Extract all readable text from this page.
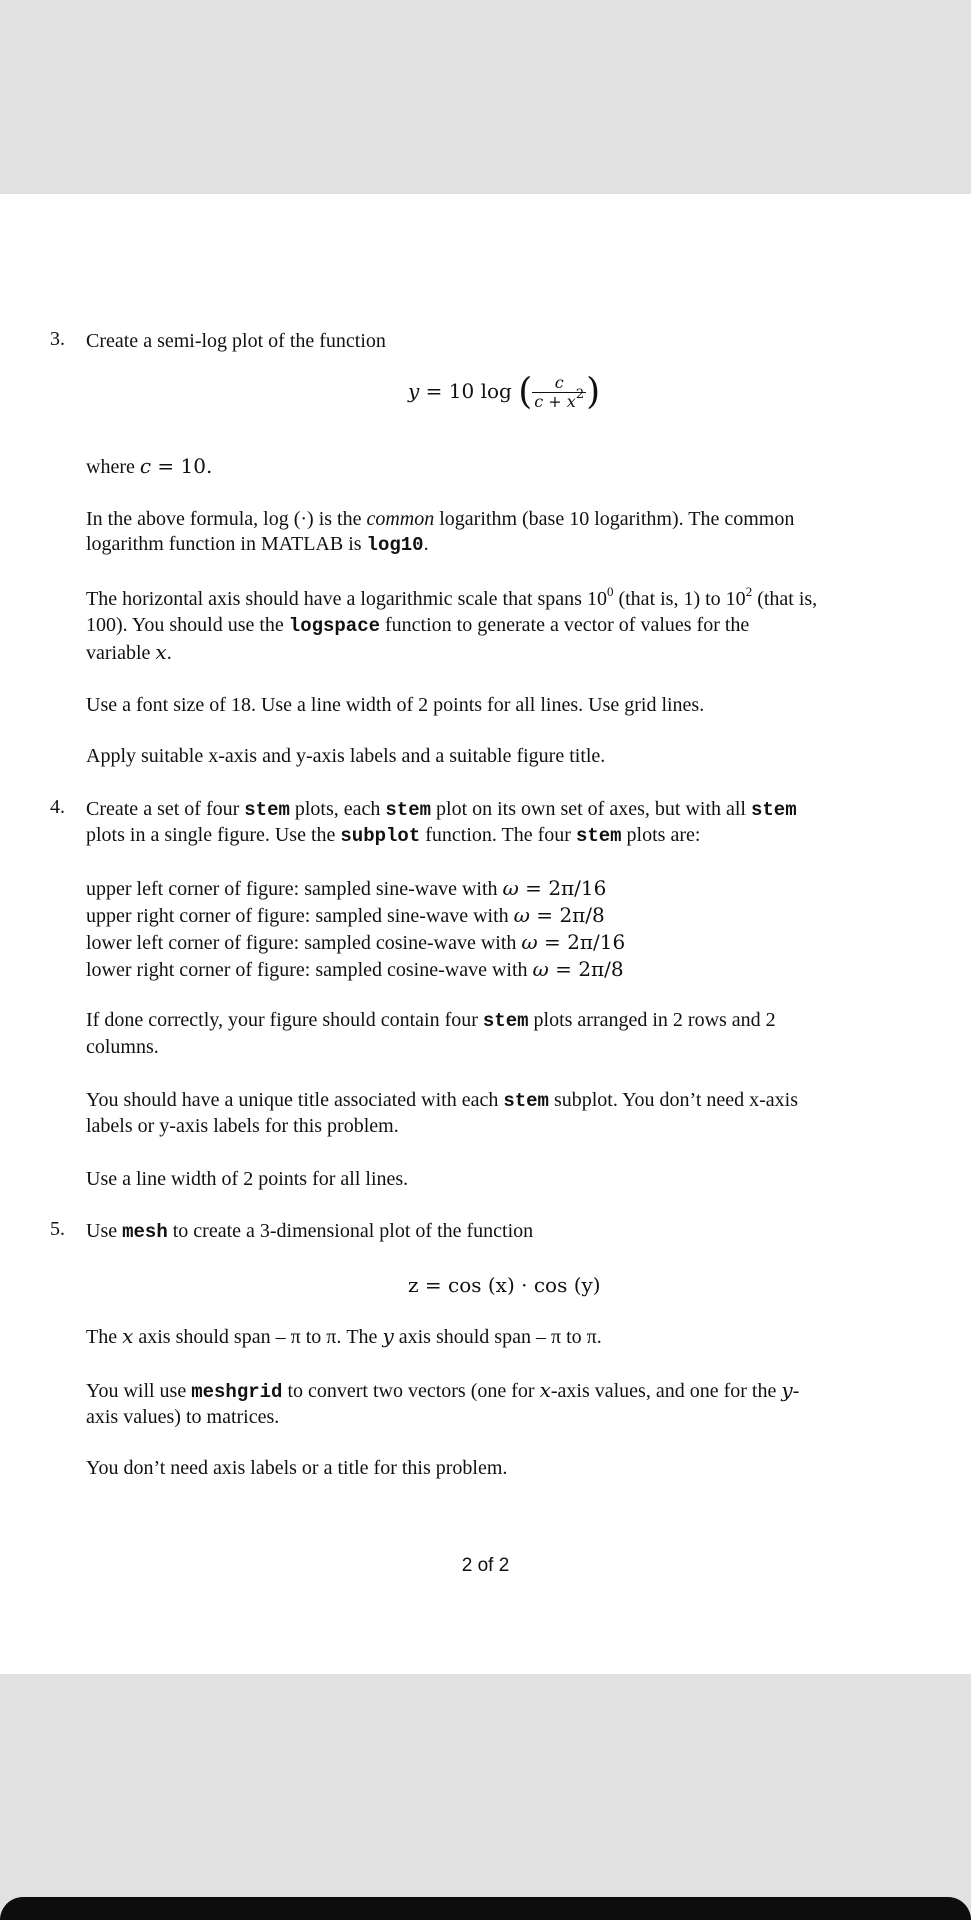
3. Create a semi-log plot of the function
y = 10 log ( $\frac{c}{c + x^2}$ )
where c = 10.
In the above formula, log (·) is the common logarithm (base 10 logarithm). The common
logarithm function in MATLAB is log10.
The horizontal axis should have a logarithmic scale that spans $10^0$ (that is, 1) to $10^2$ (that is,
100). You should use the logspace function to generate a vector of values for the
variable x.
Use a font size of 18. Use a line width of 2 points for all lines. Use grid lines.
Apply suitable x-axis and y-axis labels and a suitable figure title.
4. Create a set of four stem plots, each stem plot on its own set of axes, but with all stem
plots in a single figure. Use the subplot function. The four stem plots are:
upper left corner of figure: sampled sine-wave with ω = 2π/16
upper right corner of figure: sampled sine-wave with ω = 2π/8
lower left corner of figure: sampled cosine-wave with ω = 2π/16
lower right corner of figure: sampled cosine-wave with ω = 2π/8
If done correctly, your figure should contain four stem plots arranged in 2 rows and 2
columns.
You should have a unique title associated with each stem subplot. You don’t need x-axis
labels or y-axis labels for this problem.
Use a line width of 2 points for all lines.
5. Use mesh to create a 3-dimensional plot of the function
z = cos (x) · cos (y)
The x axis should span – π to π. The y axis should span – π to π.
You will use meshgrid to convert two vectors (one for x-axis values, and one for the y-
axis values) to matrices.
You don’t need axis labels or a title for this problem.
2 of 2
